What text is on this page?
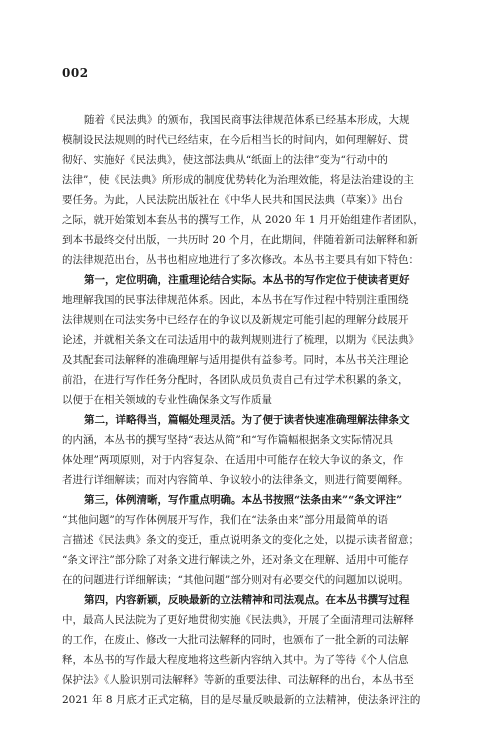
002
随着《民法典》的颁布，我国民商事法律规范体系已经基本形成，大规
模制设民法规则的时代已经结束，在今后相当长的时间内，如何理解好、贯
彻好、实施好《民法典》，使这部法典从“纸面上的法律”变为“行动中的
法律”，使《民法典》所形成的制度优势转化为治理效能，将是法治建设的主
要任务。为此，人民法院出版社在《中华人民共和国民法典（草案）》出台
之际，就开始策划本套丛书的撰写工作，从 2020 年 1 月开始组建作者团队，
到本书最终交付出版，一共历时 20 个月，在此期间，伴随着新司法解释和新
的法律规范出台，丛书也相应地进行了多次修改。本丛书主要具有如下特色：
第一，定位明确，注重理论结合实际。本丛书的写作定位于使读者更好
地理解我国的民事法律规范体系。因此，本丛书在写作过程中特别注重围绕
法律规则在司法实务中已经存在的争议以及新规定可能引起的理解分歧展开
论述，并就相关条文在司法适用中的裁判规则进行了梳理，以期为《民法典》
及其配套司法解释的准确理解与适用提供有益参考。同时，本丛书关注理论
前沿，在进行写作任务分配时，各团队成员负责自己有过学术积累的条文，
以便于在相关领域的专业性确保条文写作质量
第二，详略得当，篇幅处理灵活。为了便于读者快速准确理解法律条文
的内涵，本丛书的撰写坚持“表达从简”和“写作篇幅根据条文实际情况具
体处理”两项原则，对于内容复杂、在适用中可能存在较大争议的条文，作
者进行详细解读；而对内容简单、争议较小的法律条文，则进行简要阐释。
第三，体例清晰，写作重点明确。本丛书按照“法条由来”“条文评注”
“其他问题”的写作体例展开写作，我们在“法条由来”部分用最简单的语
言描述《民法典》条文的变迁，重点说明条文的变化之处，以提示读者留意；
“条文评注”部分除了对条文进行解读之外，还对条文在理解、适用中可能存
在的问题进行详细解读；“其他问题”部分则对有必要交代的问题加以说明。
第四，内容新颖，反映最新的立法精神和司法观点。在本丛书撰写过程
中，最高人民法院为了更好地贯彻实施《民法典》，开展了全面清理司法解释
的工作，在废止、修改一大批司法解释的同时，也颁布了一批全新的司法解
释，本丛书的写作最大程度地将这些新内容纳入其中。为了等待《个人信息
保护法》《人脸识别司法解释》等新的重要法律、司法解释的出台，本丛书至
2021 年 8 月底才正式定稿，目的是尽量反映最新的立法精神，使法条评注的
